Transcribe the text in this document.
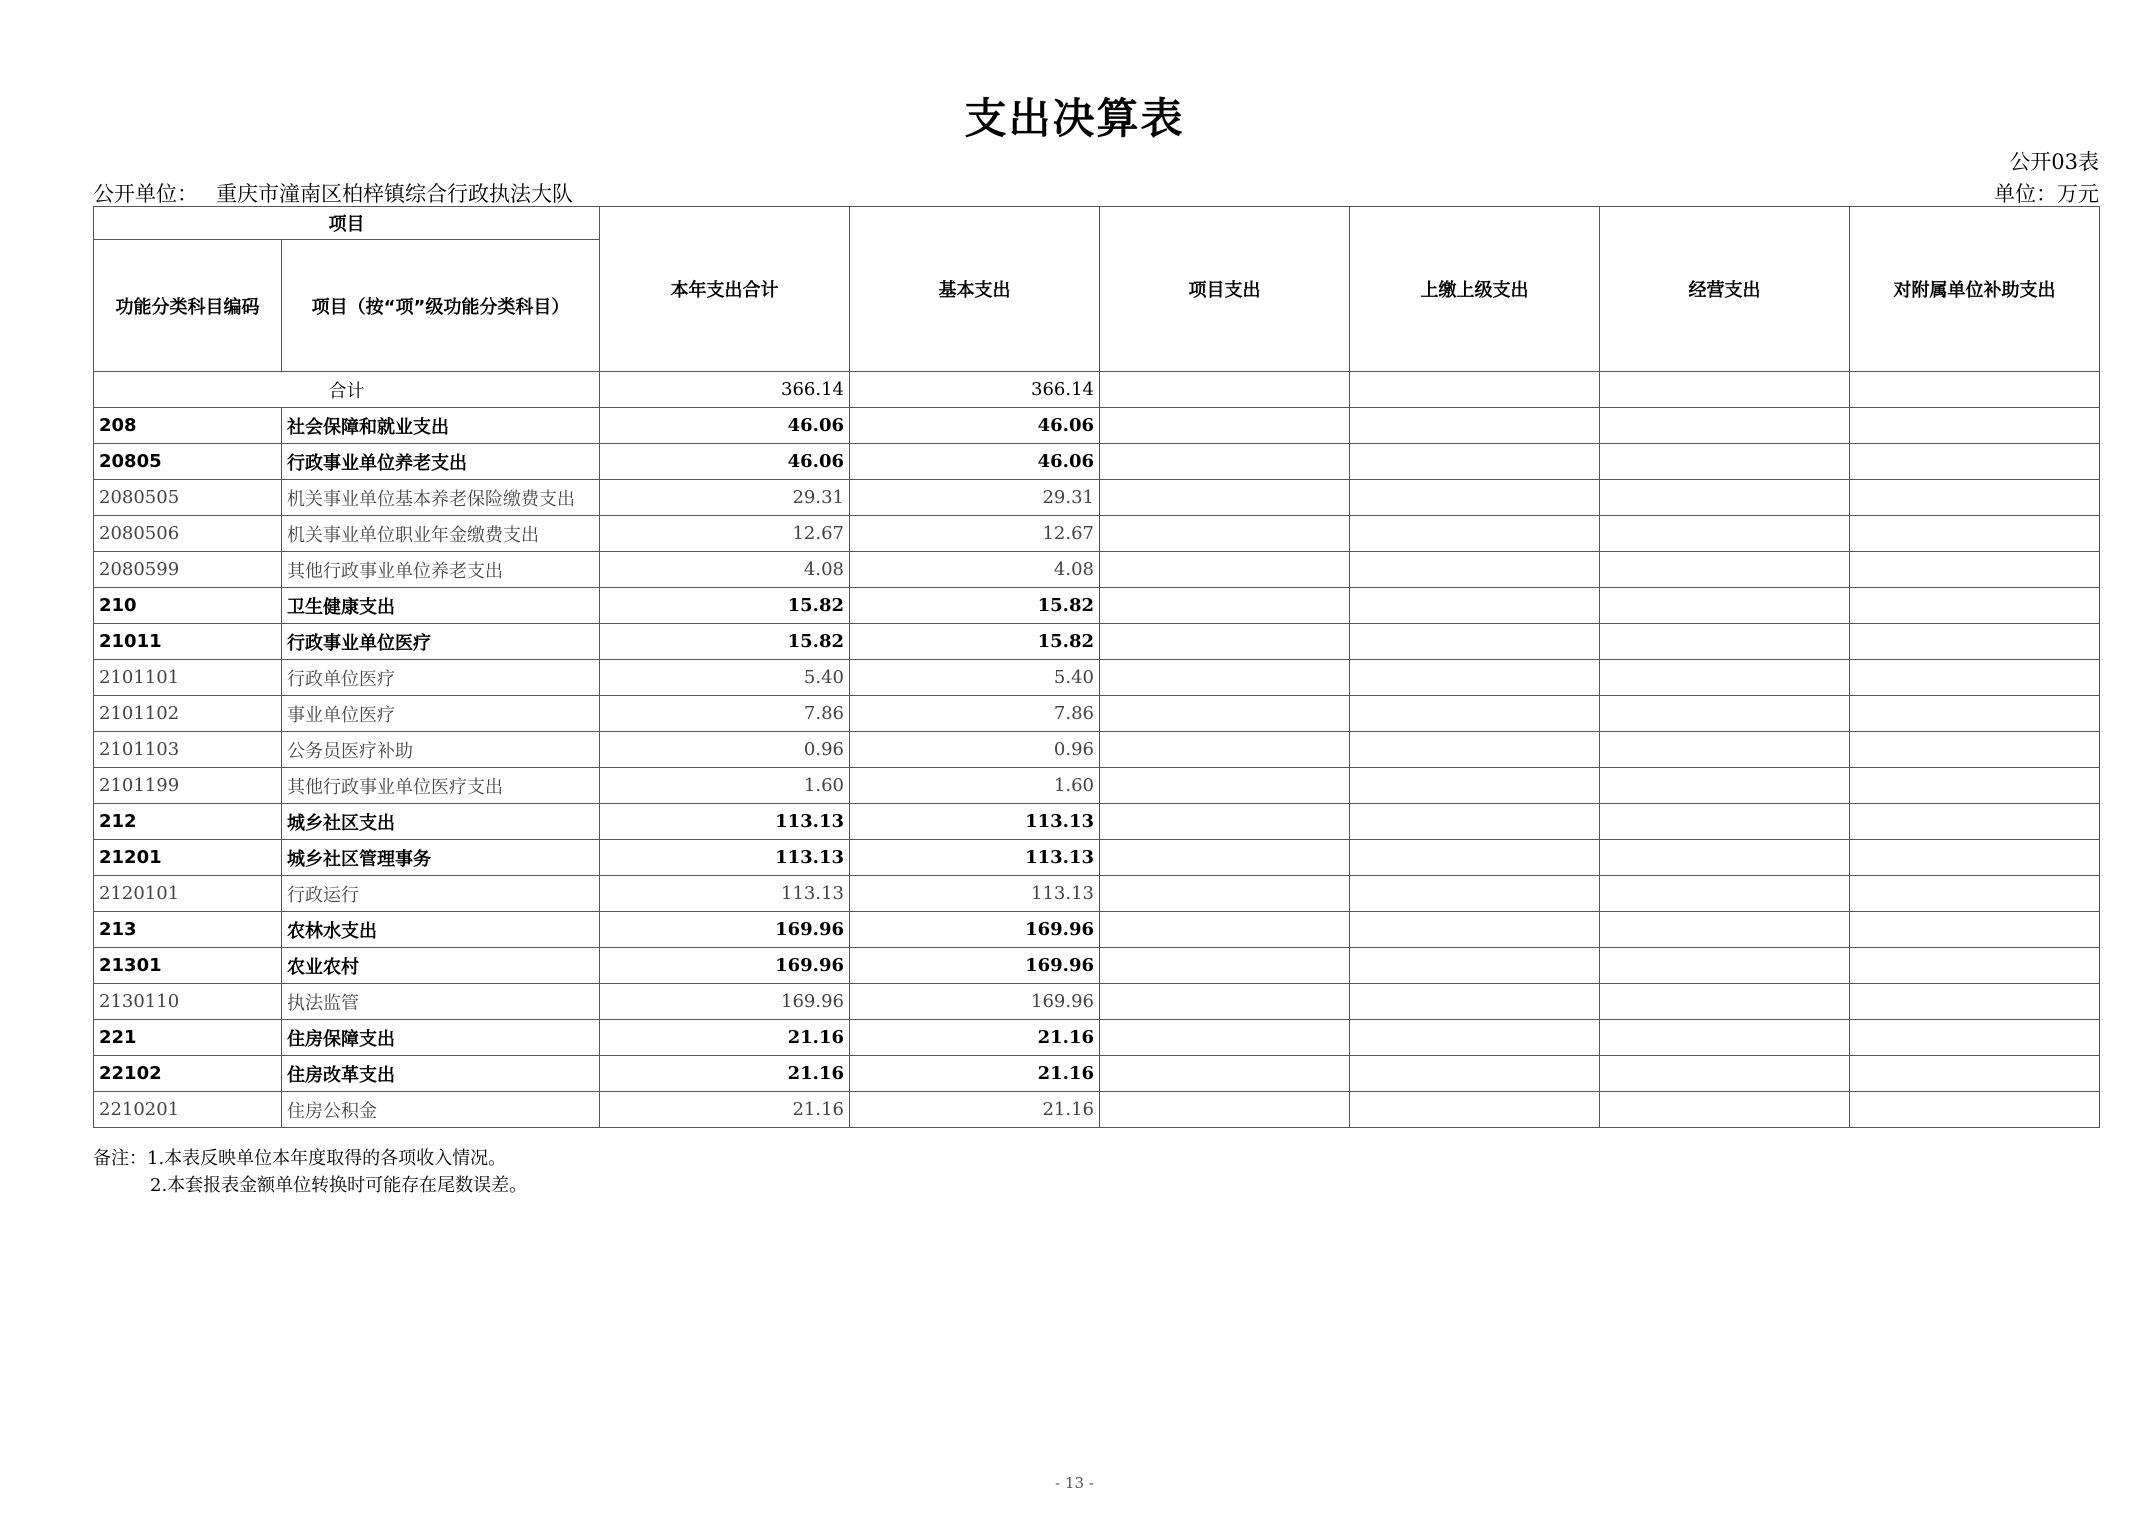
支出决算表
公开03表
公开单位： 重庆市潼南区柏梓镇综合行政执法大队	单位：万元
项目		本年支出合计	基本支出	项目支出	上缴上级支出	经营支出	对附属单位补助支出
功能分类科目编码	项目（按“项”级功能分类科目）						
合计		366.14	366.14				
208	社会保障和就业支出	46.06	46.06				
20805	行政事业单位养老支出	46.06	46.06				
2080505	机关事业单位基本养老保险缴费支出	29.31	29.31				
2080506	机关事业单位职业年金缴费支出	12.67	12.67				
2080599	其他行政事业单位养老支出	4.08	4.08				
210	卫生健康支出	15.82	15.82				
21011	行政事业单位医疗	15.82	15.82				
2101101	行政单位医疗	5.40	5.40				
2101102	事业单位医疗	7.86	7.86				
2101103	公务员医疗补助	0.96	0.96				
2101199	其他行政事业单位医疗支出	1.60	1.60				
212	城乡社区支出	113.13	113.13				
21201	城乡社区管理事务	113.13	113.13				
2120101	行政运行	113.13	113.13				
213	农林水支出	169.96	169.96				
21301	农业农村	169.96	169.96				
2130110	执法监管	169.96	169.96				
221	住房保障支出	21.16	21.16				
22102	住房改革支出	21.16	21.16				
2210201	住房公积金	21.16	21.16				
备注：1.本表反映单位本年度取得的各项收入情况。
2.本套报表金额单位转换时可能存在尾数误差。
- 13 -
